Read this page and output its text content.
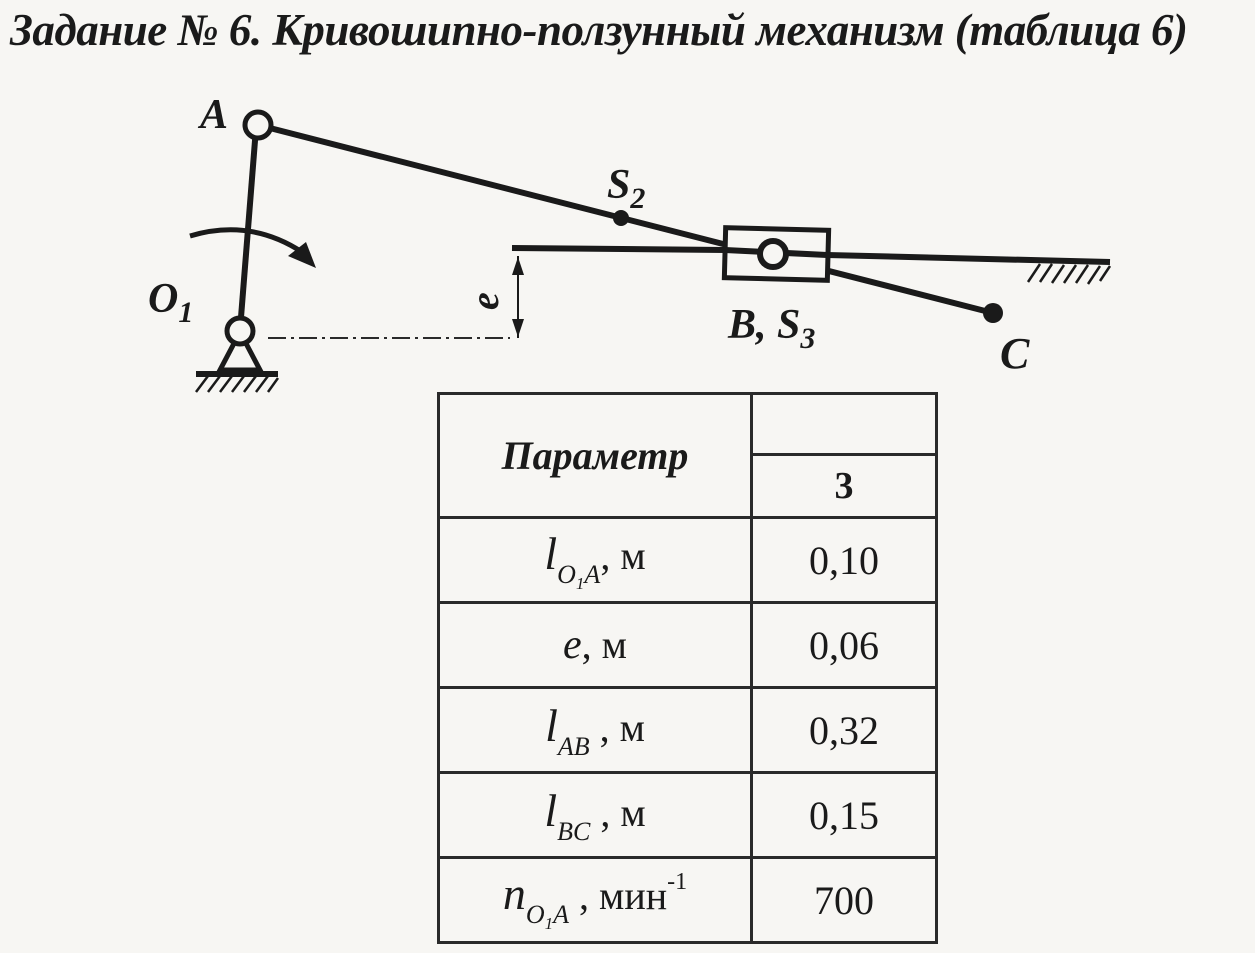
Задание № 6. Кривошипно-ползунный механизм (таблица 6)
A
$S_2$
$O_1$	e
B, $S_3$	C
Параметр	
	3
$l_{O1A}$, м	0,10
e, м	0,06
$l_{AB}$ , м	0,32
$l_{BC}$ , м	0,15
$n_{O1A}$ , мин$^{-1}$	700
